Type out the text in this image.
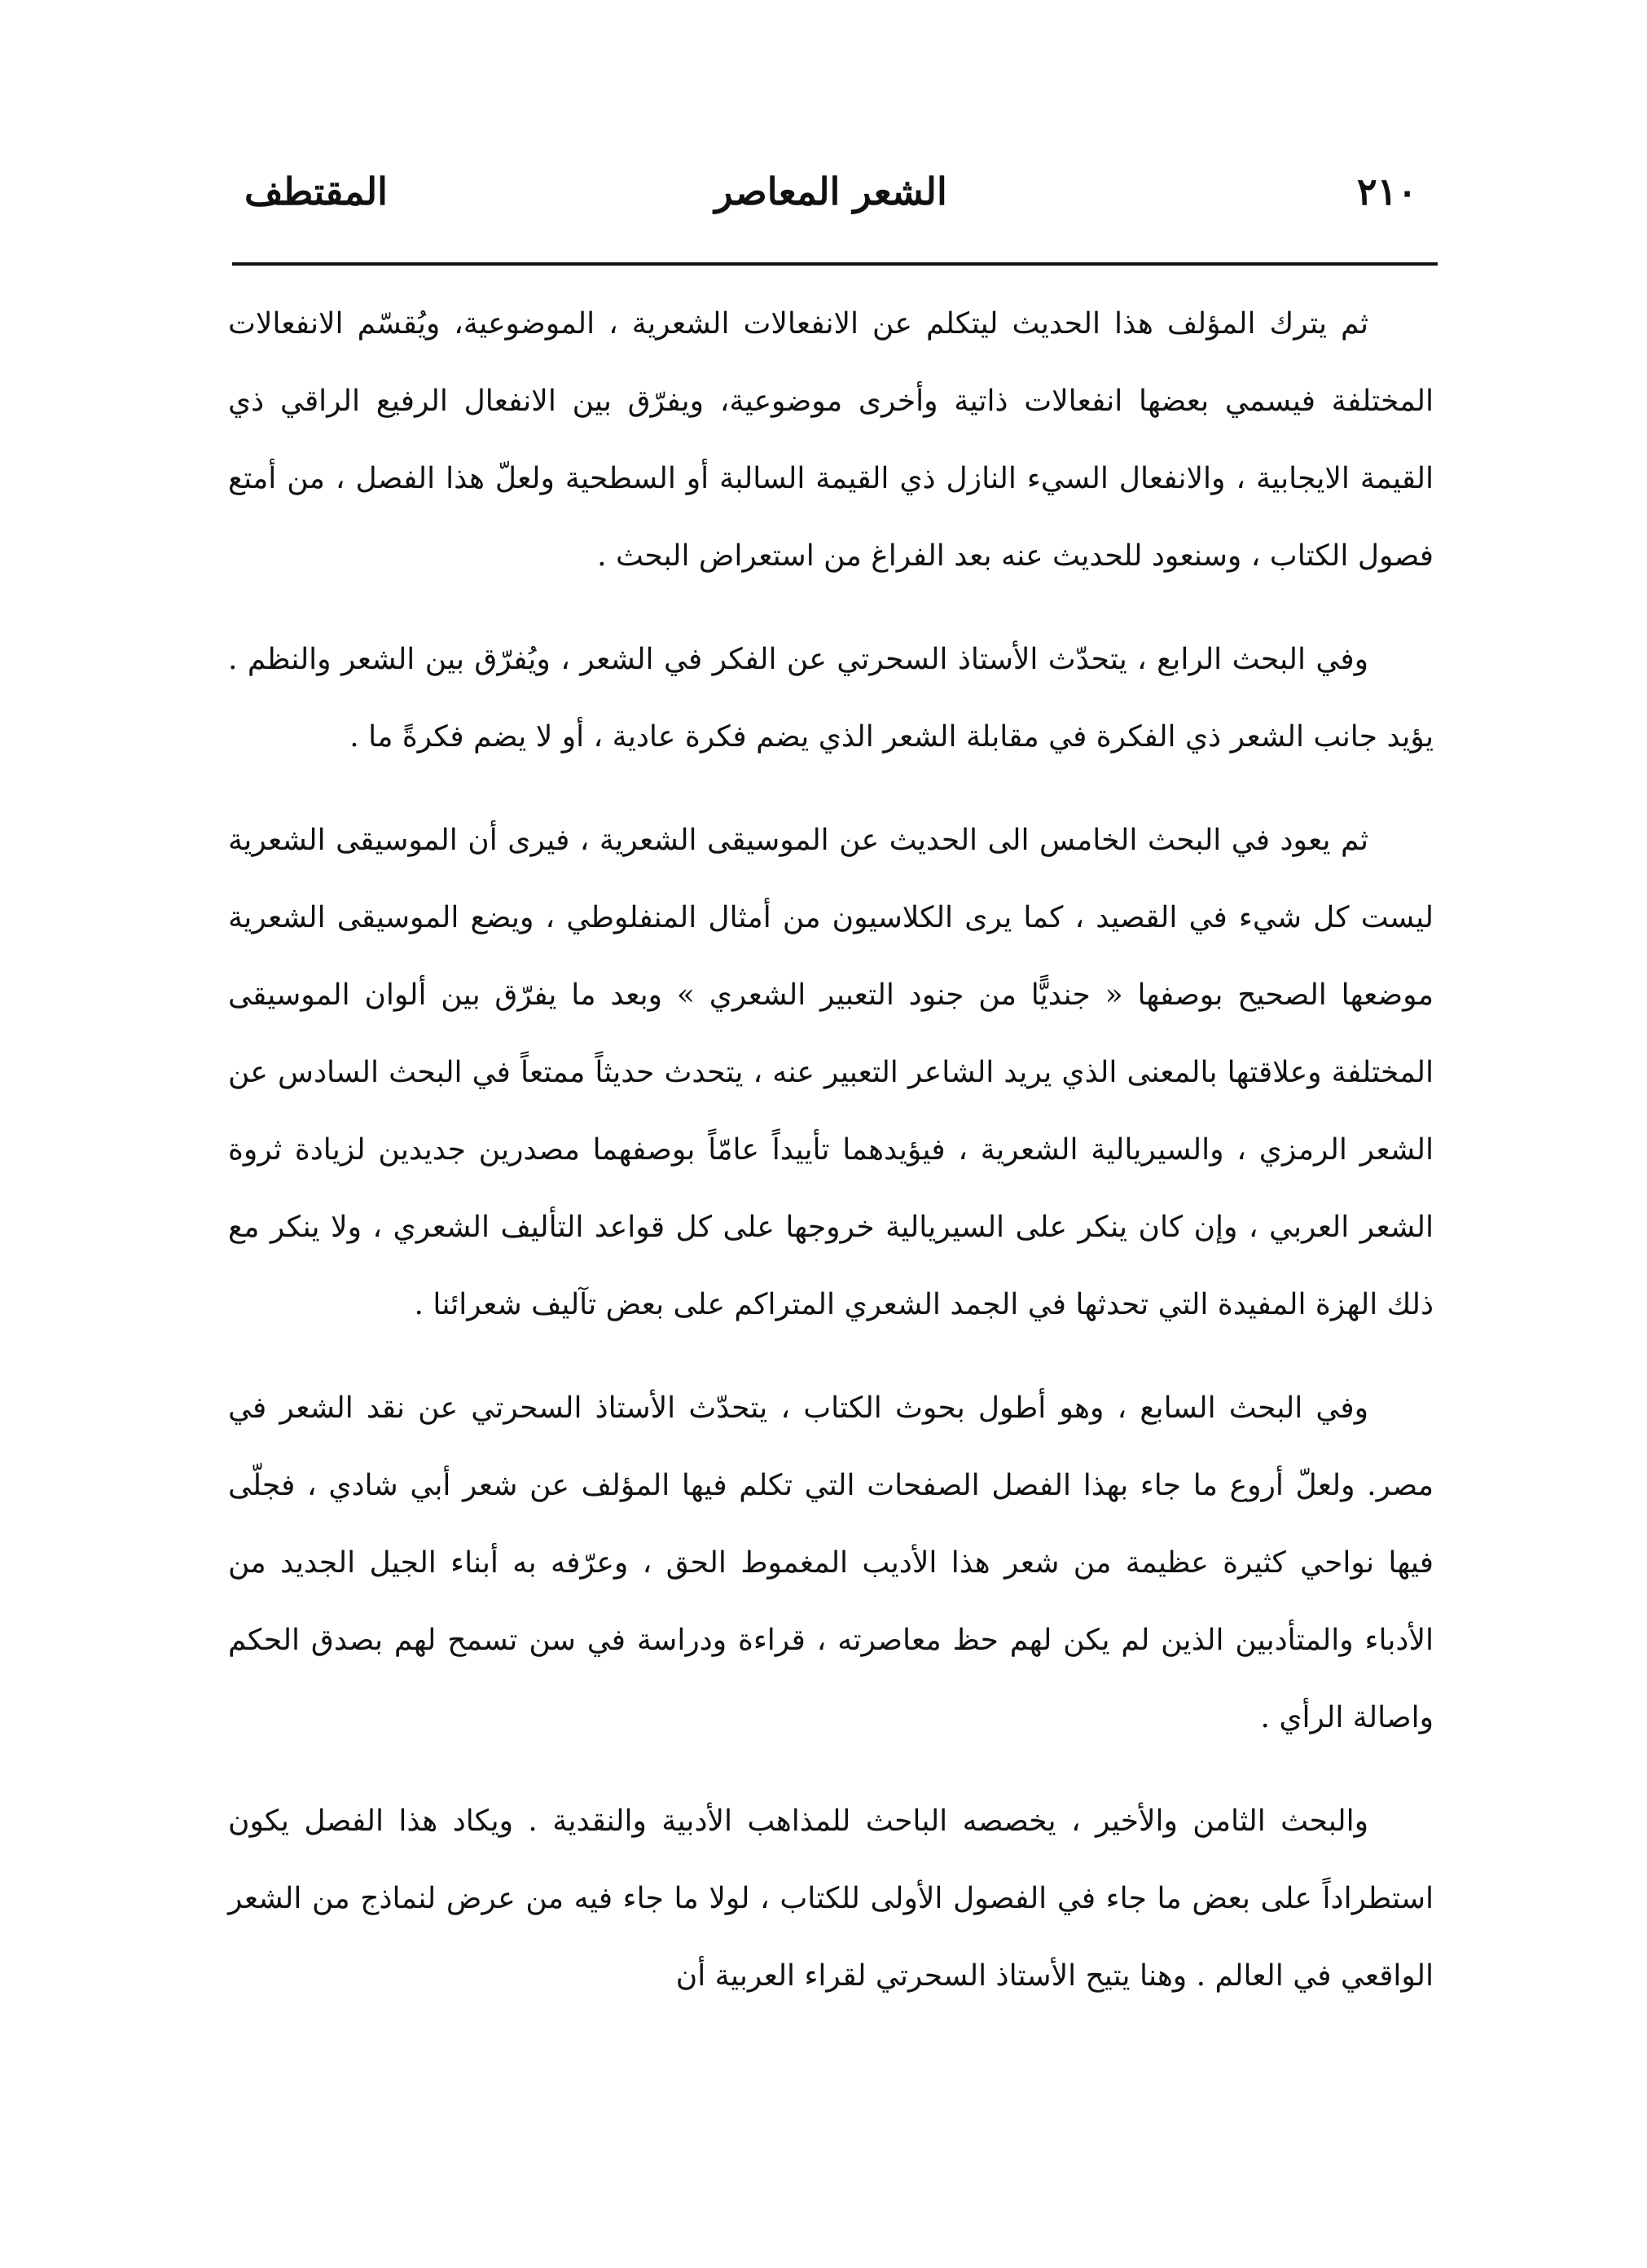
٢١٠
الشعر المعاصر
المقتطف

ثم يترك المؤلف هذا الحديث ليتكلم عن الانفعالات الشعرية ، الموضوعية، ويُقسّم الانفعالات المختلفة فيسمي بعضها انفعالات ذاتية وأخرى موضوعية، ويفرّق بين الانفعال الرفيع الراقي ذي القيمة الايجابية ، والانفعال السيء النازل ذي القيمة السالبة أو السطحية ولعلّ هذا الفصل ، من أمتع فصول الكتاب ، وسنعود للحديث عنه بعد الفراغ من استعراض البحث .

وفي البحث الرابع ، يتحدّث الأستاذ السحرتي عن الفكر في الشعر ، ويُفرّق بين الشعر والنظم . يؤيد جانب الشعر ذي الفكرة في مقابلة الشعر الذي يضم فكرة عادية ، أو لا يضم فكرةً ما .

ثم يعود في البحث الخامس الى الحديث عن الموسيقى الشعرية ، فيرى أن الموسيقى الشعرية ليست كل شيء في القصيد ، كما يرى الكلاسيون من أمثال المنفلوطي ، ويضع الموسيقى الشعرية موضعها الصحيح بوصفها « جنديًّا من جنود التعبير الشعري » وبعد ما يفرّق بين ألوان الموسيقى المختلفة وعلاقتها بالمعنى الذي يريد الشاعر التعبير عنه ، يتحدث حديثاً ممتعاً في البحث السادس عن الشعر الرمزي ، والسيريالية الشعرية ، فيؤيدهما تأييداً عامّاً بوصفهما مصدرين جديدين لزيادة ثروة الشعر العربي ، وإن كان ينكر على السيريالية خروجها على كل قواعد التأليف الشعري ، ولا ينكر مع ذلك الهزة المفيدة التي تحدثها في الجمد الشعري المتراكم على بعض تآليف شعرائنا .

وفي البحث السابع ، وهو أطول بحوث الكتاب ، يتحدّث الأستاذ السحرتي عن نقد الشعر في مصر. ولعلّ أروع ما جاء بهذا الفصل الصفحات التي تكلم فيها المؤلف عن شعر أبي شادي ، فجلّى فيها نواحي كثيرة عظيمة من شعر هذا الأديب المغموط الحق ، وعرّفه به أبناء الجيل الجديد من الأدباء والمتأدبين الذين لم يكن لهم حظ معاصرته ، قراءة ودراسة في سن تسمح لهم بصدق الحكم واصالة الرأي .

والبحث الثامن والأخير ، يخصصه الباحث للمذاهب الأدبية والنقدية . ويكاد هذا الفصل يكون استطراداً على بعض ما جاء في الفصول الأولى للكتاب ، لولا ما جاء فيه من عرض لنماذج من الشعر الواقعي في العالم . وهنا يتيح الأستاذ السحرتي لقراء العربية أن
